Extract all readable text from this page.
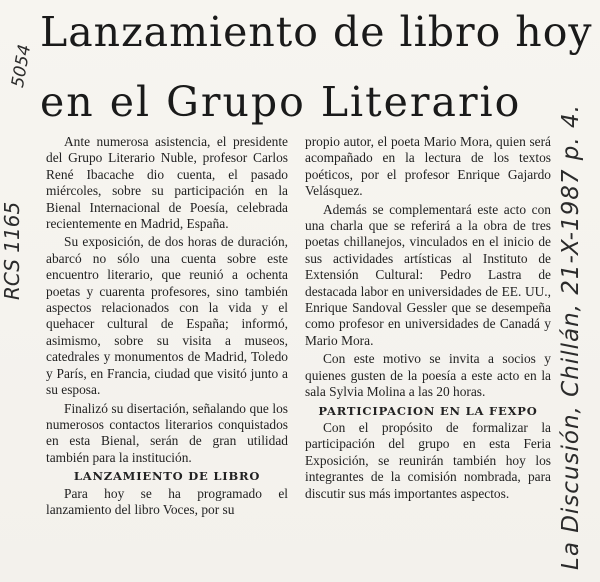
Lanzamiento de libro hoy
en el Grupo Literario
5054
RCS 1165	La Discusión, Chillán, 21-X-1987 p. 4.

Ante numerosa asistencia, el presidente del Grupo Literario Nuble, profesor Carlos René Ibacache dio cuenta, el pasado miércoles, sobre su participación en la Bienal Internacional de Poesía, celebrada recientemente en Madrid, España.

Su exposición, de dos horas de duración, abarcó no sólo una cuenta sobre este encuentro literario, que reunió a ochenta poetas y cuarenta profesores, sino también aspectos relacionados con la vida y el quehacer cultural de España; informó, asimismo, sobre su visita a museos, catedrales y monumentos de Madrid, Toledo y París, en Francia, ciudad que visitó junto a su esposa.

Finalizó su disertación, señalando que los numerosos contactos literarios conquistados en esta Bienal, serán de gran utilidad también para la institución.

LANZAMIENTO DE LIBRO

Para hoy se ha programado el lanzamiento del libro Voces, por su

propio autor, el poeta Mario Mora, quien será acompañado en la lectura de los textos poéticos, por el profesor Enrique Gajardo Velásquez.

Además se complementará este acto con una charla que se referirá a la obra de tres poetas chillanejos, vinculados en el inicio de sus actividades artísticas al Instituto de Extensión Cultural: Pedro Lastra de destacada labor en universidades de EE. UU., Enrique Sandoval Gessler que se desempeña como profesor en universidades de Canadá y Mario Mora.

Con este motivo se invita a socios y quienes gusten de la poesía a este acto en la sala Sylvia Molina a las 20 horas.

PARTICIPACION EN LA FEXPO

Con el propósito de formalizar la participación del grupo en esta Feria Exposición, se reunirán también hoy los integrantes de la comisión nombrada, para discutir sus más importantes aspectos.
